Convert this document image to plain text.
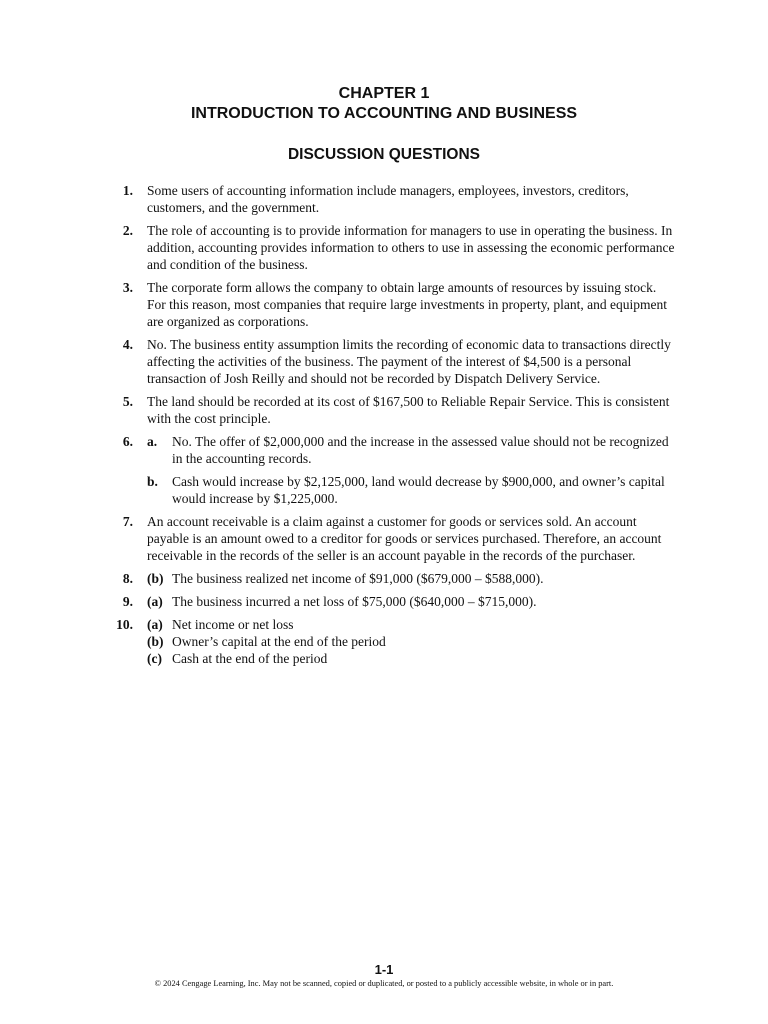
CHAPTER 1
INTRODUCTION TO ACCOUNTING AND BUSINESS
DISCUSSION QUESTIONS
1. Some users of accounting information include managers, employees, investors, creditors, customers, and the government.
2. The role of accounting is to provide information for managers to use in operating the business. In addition, accounting provides information to others to use in assessing the economic performance and condition of the business.
3. The corporate form allows the company to obtain large amounts of resources by issuing stock. For this reason, most companies that require large investments in property, plant, and equipment are organized as corporations.
4. No. The business entity assumption limits the recording of economic data to transactions directly affecting the activities of the business. The payment of the interest of $4,500 is a personal transaction of Josh Reilly and should not be recorded by Dispatch Delivery Service.
5. The land should be recorded at its cost of $167,500 to Reliable Repair Service. This is consistent with the cost principle.
6. a. No. The offer of $2,000,000 and the increase in the assessed value should not be recognized in the accounting records.
b. Cash would increase by $2,125,000, land would decrease by $900,000, and owner’s capital would increase by $1,225,000.
7. An account receivable is a claim against a customer for goods or services sold. An account payable is an amount owed to a creditor for goods or services purchased. Therefore, an account receivable in the records of the seller is an account payable in the records of the purchaser.
8. (b) The business realized net income of $91,000 ($679,000 – $588,000).
9. (a) The business incurred a net loss of $75,000 ($640,000 – $715,000).
10. (a) Net income or net loss
(b) Owner’s capital at the end of the period
(c) Cash at the end of the period
1-1
© 2024 Cengage Learning, Inc. May not be scanned, copied or duplicated, or posted to a publicly accessible website, in whole or in part.
